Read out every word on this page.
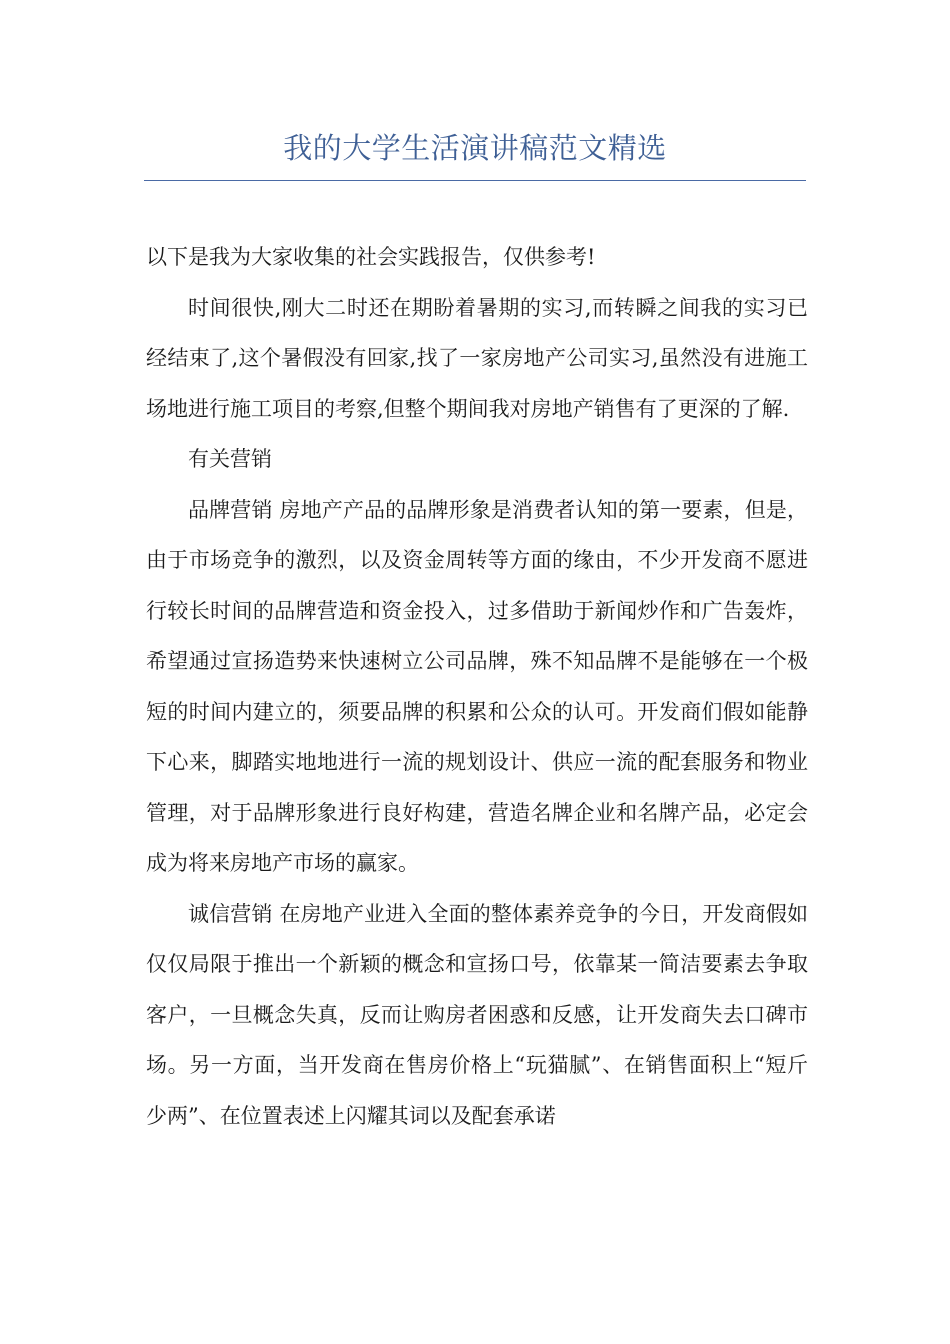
我的大学生活演讲稿范文精选

以下是我为大家收集的社会实践报告，仅供参考!

时间很快,刚大二时还在期盼着暑期的实习,而转瞬之间我的实习已经结束了,这个暑假没有回家,找了一家房地产公司实习,虽然没有进施工场地进行施工项目的考察,但整个期间我对房地产销售有了更深的了解.

有关营销

品牌营销 房地产产品的品牌形象是消费者认知的第一要素，但是，由于市场竞争的激烈，以及资金周转等方面的缘由，不少开发商不愿进行较长时间的品牌营造和资金投入，过多借助于新闻炒作和广告轰炸，希望通过宣扬造势来快速树立公司品牌，殊不知品牌不是能够在一个极短的时间内建立的，须要品牌的积累和公众的认可。开发商们假如能静下心来，脚踏实地地进行一流的规划设计、供应一流的配套服务和物业管理，对于品牌形象进行良好构建，营造名牌企业和名牌产品，必定会成为将来房地产市场的赢家。

诚信营销 在房地产业进入全面的整体素养竞争的今日，开发商假如仅仅局限于推出一个新颖的概念和宣扬口号，依靠某一简洁要素去争取客户，一旦概念失真，反而让购房者困惑和反感，让开发商失去口碑市场。另一方面，当开发商在售房价格上“玩猫腻”、在销售面积上“短斤少两”、在位置表述上闪耀其词以及配套承诺
